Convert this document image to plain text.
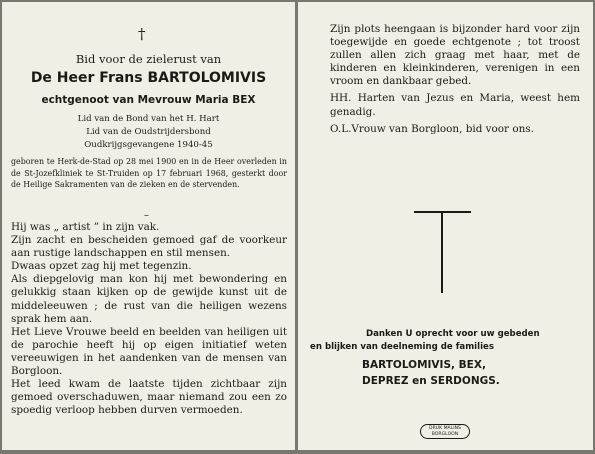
†
Bid voor de zielerust van
De Heer Frans BARTOLOMIVIS
echtgenoot van Mevrouw Maria BEX
Lid van de Bond van het H. Hart
Lid van de Oudstrijdersbond
Oudkrijgsgevangene 1940-45
geboren te Herk-de-Stad op 28 mei 1900 en in de Heer overleden in de St-Jozefkliniek te St-Truiden op 17 februari 1968, gesterkt door de Heilige Sakramenten van de zieken en de stervenden.
–

Hij was „ artist ” in zijn vak.

Zijn zacht en bescheiden gemoed gaf de voorkeur aan rustige landschappen en stil mensen.

Dwaas opzet zag hij met tegenzin.

Als diepgelovig man kon hij met bewondering en gelukkig staan kijken op de gewijde kunst uit de middeleeuwen ; de rust van die heiligen wezens sprak hem aan.

Het Lieve Vrouwe beeld en beelden van heiligen uit de parochie heeft hij op eigen initiatief weten vereeuwigen in het aandenken van de mensen van Borgloon.

Het leed kwam de laatste tijden zichtbaar zijn gemoed overschaduwen, maar niemand zou een zo spoedig verloop hebben durven vermoeden.

Zijn plots heengaan is bijzonder hard voor zijn toegewijde en goede echtgenote ; tot troost zullen allen zich graag met haar, met de kinderen en kleinkinderen, verenigen in een vroom en dankbaar gebed.

HH. Harten van Jezus en Maria, weest hem genadig.

O.L.Vrouw van Borgloon, bid voor ons.

Danken U oprecht voor uw gebeden
en blijken van deelneming de families
BARTOLOMIVIS, BEX,
DEPREZ en SERDONGS.
DRUK MALINS
BORGLOON
